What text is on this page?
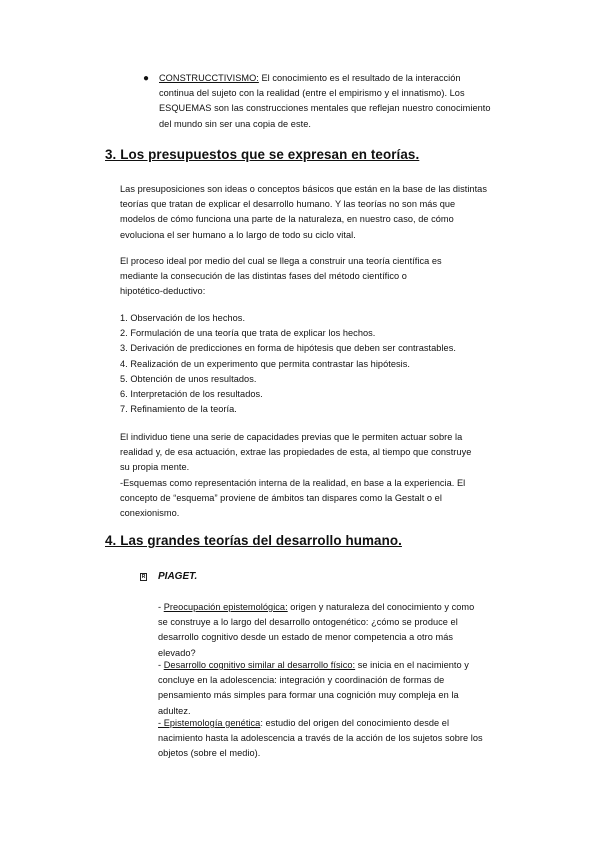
● CONSTRUCCTIVISMO: El conocimiento es el resultado de la interacción

continua del sujeto con la realidad (entre el empirismo y el innatismo). Los

ESQUEMAS son las construcciones mentales que reflejan nuestro conocimiento

del mundo sin ser una copia de este.

3. Los presupuestos que se expresan en teorías.

Las presuposiciones son ideas o conceptos básicos que están en la base de las distintas

teorías que tratan de explicar el desarrollo humano. Y las teorías no son más que

modelos de cómo funciona una parte de la naturaleza, en nuestro caso, de cómo

evoluciona el ser humano a lo largo de todo su ciclo vital.

El proceso ideal por medio del cual se llega a construir una teoría científica es

mediante la consecución de las distintas fases del método científico o

hipotético-deductivo:

1. Observación de los hechos.

2. Formulación de una teoría que trata de explicar los hechos.

3. Derivación de predicciones en forma de hipótesis que deben ser contrastables.

4. Realización de un experimento que permita contrastar las hipótesis.

5. Obtención de unos resultados.

6. Interpretación de los resultados.

7. Refinamiento de la teoría.

El individuo tiene una serie de capacidades previas que le permiten actuar sobre la

realidad y, de esa actuación, extrae las propiedades de esta, al tiempo que construye

su propia mente.

-Esquemas como representación interna de la realidad, en base a la experiencia. El

concepto de “esquema” proviene de ámbitos tan dispares como la Gestalt o el

conexionismo.

4. Las grandes teorías del desarrollo humano.
R PIAGET.

- Preocupación epistemológica: origen y naturaleza del conocimiento y como

se construye a lo largo del desarrollo ontogenético: ¿cómo se produce el

desarrollo cognitivo desde un estado de menor competencia a otro más

elevado?

- Desarrollo cognitivo similar al desarrollo físico: se inicia en el nacimiento y

concluye en la adolescencia: integración y coordinación de formas de

pensamiento más simples para formar una cognición muy compleja en la

adultez.

- Epistemología genética: estudio del origen del conocimiento desde el

nacimiento hasta la adolescencia a través de la acción de los sujetos sobre los

objetos (sobre el medio).
